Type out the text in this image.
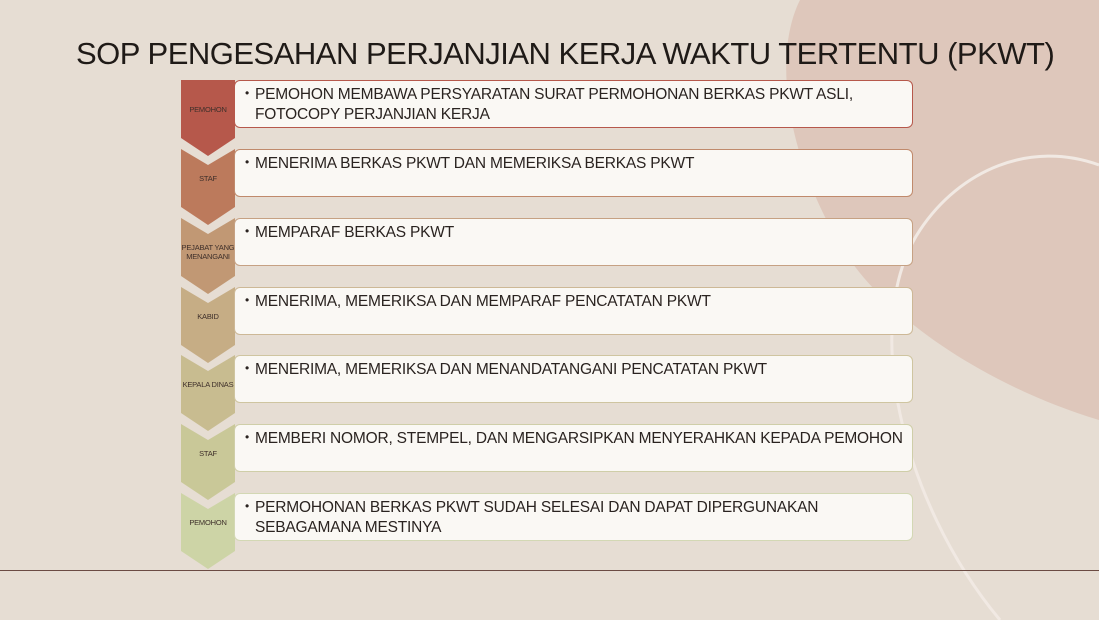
SOP PENGESAHAN PERJANJIAN KERJA WAKTU TERTENTU (PKWT)
PEMOHON
• PEMOHON MEMBAWA PERSYARATAN SURAT PERMOHONAN BERKAS PKWT ASLI,
FOTOCOPY PERJANJIAN KERJA
STAF
• MENERIMA BERKAS PKWT DAN MEMERIKSA BERKAS PKWT
PEJABAT YANG
MENANGANI
• MEMPARAF BERKAS PKWT
KABID
• MENERIMA, MEMERIKSA DAN MEMPARAF PENCATATAN PKWT
KEPALA DINAS
• MENERIMA, MEMERIKSA DAN MENANDATANGANI PENCATATAN PKWT
STAF
• MEMBERI NOMOR, STEMPEL, DAN MENGARSIPKAN MENYERAHKAN KEPADA PEMOHON
PEMOHON
• PERMOHONAN BERKAS PKWT SUDAH SELESAI DAN DAPAT DIPERGUNAKAN
SEBAGAMANA MESTINYA
